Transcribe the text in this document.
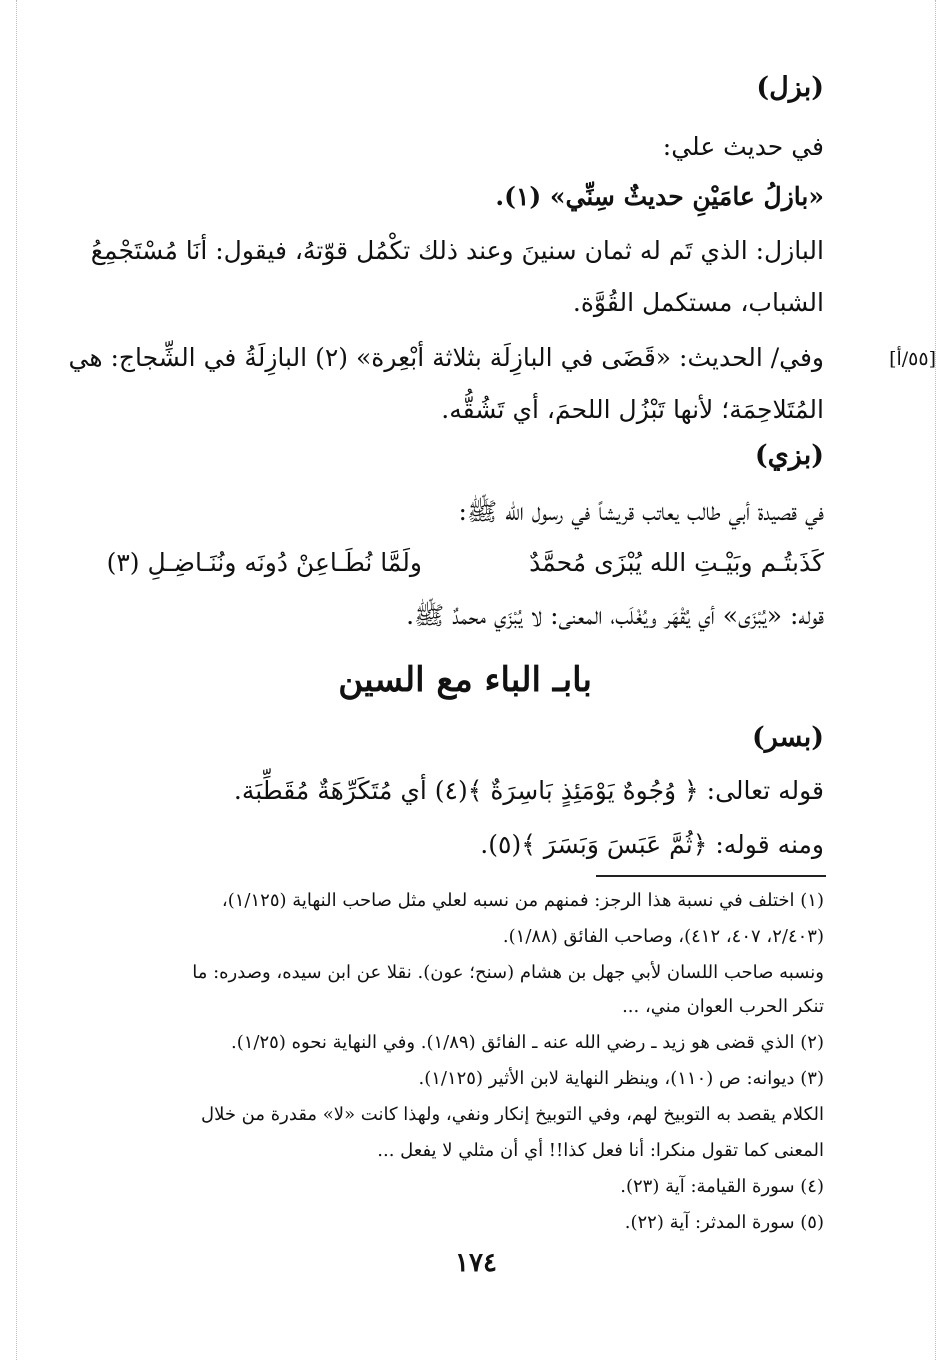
(بزل)
في حديث علي:
«بازلُ عامَيْنِ حديثٌ سِنِّي» (١).
البازل: الذي تَم له ثمان سنينَ وعند ذلك تكْمُل قوّتهُ، فيقول: أنَا مُسْتَجْمِعُ
الشباب، مستكمل القُوَّة.
[٥٥/أ]
وفي/ الحديث: «قَضَى في البازِلَة بثلاثة أبْعِرة» (٢) البازِلَةُ في الشِّجاج: هي
المُتَلاحِمَة؛ لأنها تَبْزُل اللحمَ، أي تَشُقُّه.
(بزي)
في قصيدة أبي طالب يعاتب قريشاً في رسول الله ﷺ:
كَذَبتُـم وبَيْـتِ الله يُبْزَى مُحمَّدٌ
ولَمَّا نُطَـاعِنْ دُونَه ونُنَـاضِـلِ (٣)
قوله: «يُبْزَى» أي يُقْهَر ويُغْلَب، المعنى: لا يُبْزَي محمدٌ ﷺ.
بابـ الباء مع السين
(بسر)
قوله تعالى: ﴿ وُجُوهٌ يَوْمَئِذٍ بَاسِرَةٌ ﴾(٤) أي مُتَكَرِّهَةٌ مُقَطِّبَة.
ومنه قوله: ﴿ثُمَّ عَبَسَ وَبَسَرَ ﴾(٥).
(١) اختلف في نسبة هذا الرجز: فمنهم من نسبه لعلي مثل صاحب النهاية (١/١٢٥)،
(٢/٤٠٣، ٤٠٧، ٤١٢)، وصاحب الفائق (١/٨٨).
ونسبه صاحب اللسان لأبي جهل بن هشام (سنح؛ عون). نقلا عن ابن سيده، وصدره: ما
تنكر الحرب العوان مني، ...
(٢) الذي قضى هو زيد ـ رضي الله عنه ـ الفائق (١/٨٩). وفي النهاية نحوه (١/٢٥).
(٣) ديوانه: ص (١١٠)، وينظر النهاية لابن الأثير (١/١٢٥).
الكلام يقصد به التوبيخ لهم، وفي التوبيخ إنكار ونفي، ولهذا كانت «لا» مقدرة من خلال
المعنى كما تقول منكرا: أنا فعل كذا!! أي أن مثلي لا يفعل ...
(٤) سورة القيامة: آية (٢٣).
(٥) سورة المدثر: آية (٢٢).
١٧٤
